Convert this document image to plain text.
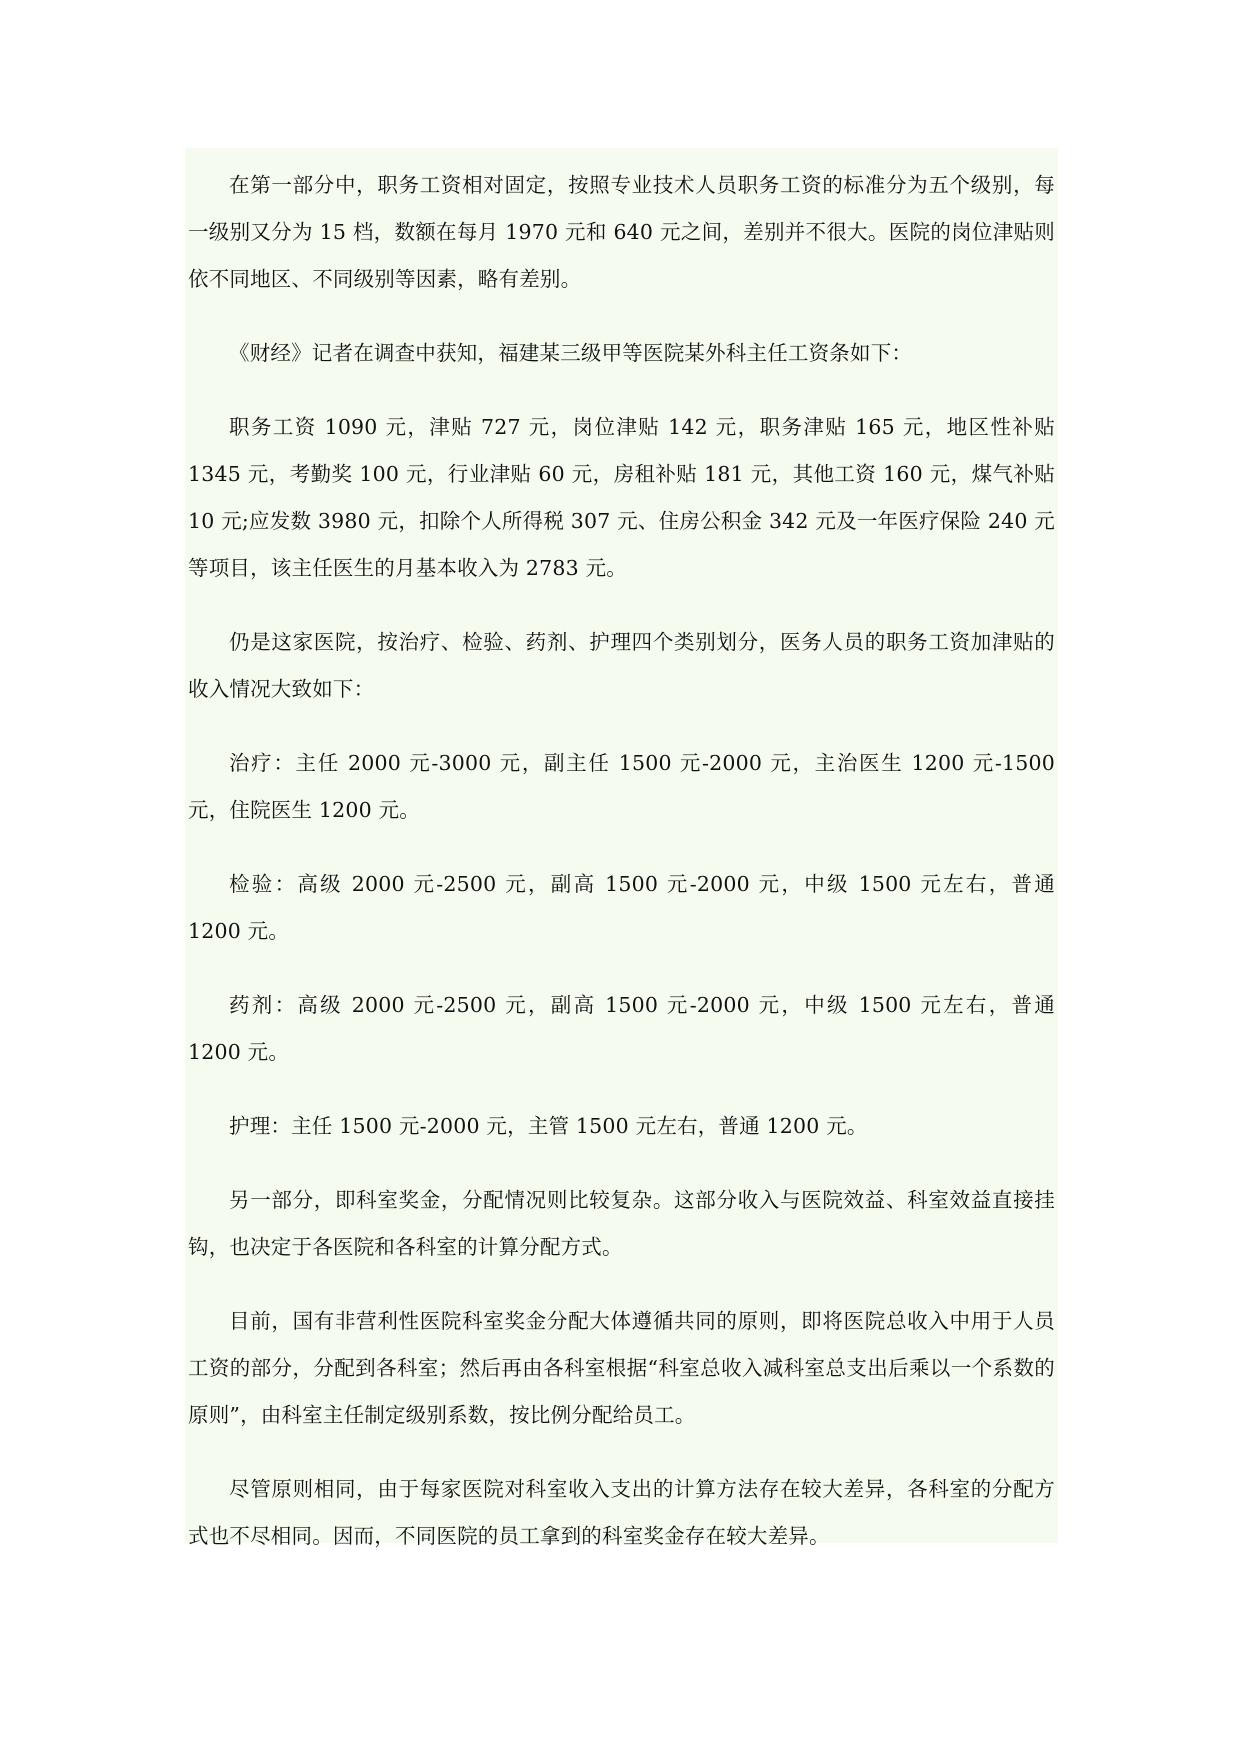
在第一部分中，职务工资相对固定，按照专业技术人员职务工资的标准分为五个级别，每一级别又分为 15 档，数额在每月 1970 元和 640 元之间，差别并不很大。医院的岗位津贴则依不同地区、不同级别等因素，略有差别。

《财经》记者在调查中获知，福建某三级甲等医院某外科主任工资条如下：

职务工资 1090 元，津贴 727 元，岗位津贴 142 元，职务津贴 165 元，地区性补贴 1345 元，考勤奖 100 元，行业津贴 60 元，房租补贴 181 元，其他工资 160 元，煤气补贴 10 元;应发数 3980 元，扣除个人所得税 307 元、住房公积金 342 元及一年医疗保险 240 元等项目，该主任医生的月基本收入为 2783 元。

仍是这家医院，按治疗、检验、药剂、护理四个类别划分，医务人员的职务工资加津贴的收入情况大致如下：

治疗：主任 2000 元-3000 元，副主任 1500 元-2000 元，主治医生 1200 元-1500 元，住院医生 1200 元。

检验：高级 2000 元-2500 元，副高 1500 元-2000 元，中级 1500 元左右，普通 1200 元。

药剂：高级 2000 元-2500 元，副高 1500 元-2000 元，中级 1500 元左右，普通 1200 元。

护理：主任 1500 元-2000 元，主管 1500 元左右，普通 1200 元。

另一部分，即科室奖金，分配情况则比较复杂。这部分收入与医院效益、科室效益直接挂钩，也决定于各医院和各科室的计算分配方式。

目前，国有非营利性医院科室奖金分配大体遵循共同的原则，即将医院总收入中用于人员工资的部分，分配到各科室；然后再由各科室根据“科室总收入减科室总支出后乘以一个系数的原则”，由科室主任制定级别系数，按比例分配给员工。

尽管原则相同，由于每家医院对科室收入支出的计算方法存在较大差异，各科室的分配方式也不尽相同。因而，不同医院的员工拿到的科室奖金存在较大差异。
